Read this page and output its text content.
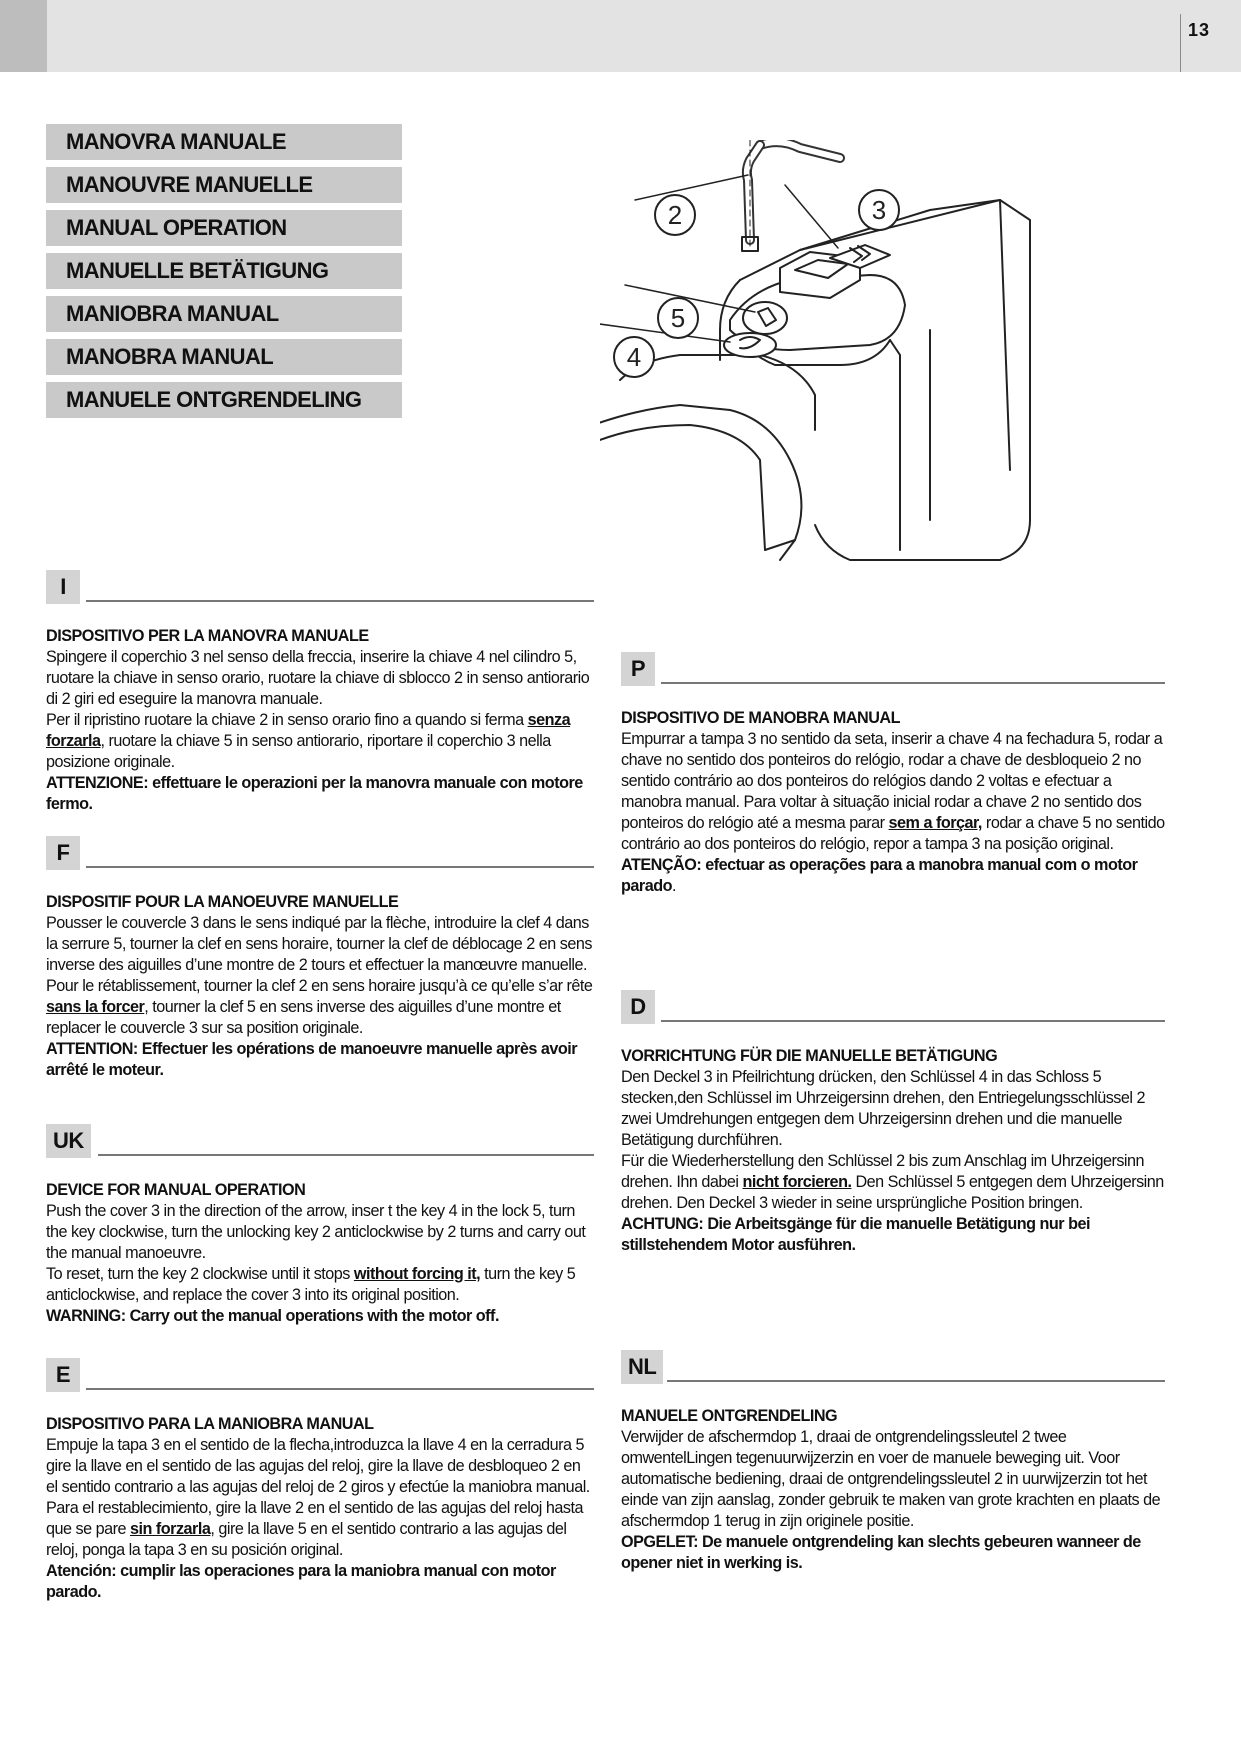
13
MANOVRA MANUALE
MANOUVRE MANUELLE
MANUAL OPERATION
MANUELLE BETÄTIGUNG
MANIOBRA MANUAL
MANOBRA MANUAL
MANUELE ONTGRENDELING
2	3
5
4
I

DISPOSITIVO PER LA MANOVRA MANUALE

Spingere il coperchio 3 nel senso della freccia, inserire la chiave 4 nel cilindro 5, ruotare la chiave in senso orario, ruotare la chiave di sblocco 2 in senso antiorario di 2 giri ed eseguire la manovra manuale.

Per il ripristino ruotare la chiave 2 in senso orario fino a quando si ferma senza forzarla, ruotare la chiave 5 in senso antiorario, riportare il coperchio 3 nella posizione originale.

ATTENZIONE: effettuare le operazioni per la manovra manuale con motore fermo.

F

DISPOSITIF POUR LA MANOEUVRE MANUELLE

Pousser le couvercle 3 dans le sens indiqué par la flèche, introduire la clef 4 dans la serrure 5, tourner la clef en sens horaire, tourner la clef de déblocage 2 en sens inverse des aiguilles d’une montre de 2 tours et effectuer la manœuvre manuelle.

Pour le rétablissement, tourner la clef 2 en sens horaire jusqu’à ce qu’elle s’ar rête sans la forcer, tourner la clef 5 en sens inverse des aiguilles d’une montre et replacer le couvercle 3 sur sa position originale.

ATTENTION: Effectuer les opérations de manoeuvre manuelle après avoir arrêté le moteur.

UK

DEVICE FOR MANUAL OPERATION

Push the cover 3 in the direction of the arrow, inser t the key 4 in the lock 5, turn the key clockwise, turn the unlocking key 2 anticlockwise by 2 turns and carry out the manual manoeuvre.

To reset, turn the key 2 clockwise until it stops without forcing it, turn the key 5 anticlockwise, and replace the cover 3 into its original position.

WARNING: Carry out the manual operations with the motor off.

E

DISPOSITIVO PARA LA MANIOBRA MANUAL

Empuje la tapa 3 en el sentido de la flecha,introduzca la llave 4 en la cerradura 5 gire la llave en el sentido de las agujas del reloj, gire la llave de desbloqueo 2 en el sentido contrario a las agujas del reloj de 2 giros y efectúe la maniobra manual.

Para el restablecimiento, gire la llave 2 en el sentido de las agujas del reloj hasta que se pare sin forzarla, gire la llave 5 en el sentido contrario a las agujas del reloj, ponga la tapa 3 en su posición original.

Atención: cumplir las operaciones para la maniobra manual con motor parado.

P

DISPOSITIVO DE MANOBRA MANUAL

Empurrar a tampa 3 no sentido da seta, inserir a chave 4 na fechadura 5, rodar a chave no sentido dos ponteiros do relógio, rodar a chave de desbloqueio 2 no sentido contrário ao dos ponteiros do relógios dando 2 voltas e efectuar a manobra manual. Para voltar à situação inicial rodar a chave 2 no sentido dos ponteiros do relógio até a mesma parar sem a forçar, rodar a chave 5 no sentido contrário ao dos ponteiros do relógio, repor a tampa 3 na posição original.

ATENÇÃO: efectuar as operações para a manobra manual com o motor parado.

D

VORRICHTUNG FÜR DIE MANUELLE BETÄTIGUNG

Den Deckel 3 in Pfeilrichtung drücken, den Schlüssel 4 in das Schloss 5 stecken,den Schlüssel im Uhrzeigersinn drehen, den Entriegelungsschlüssel 2 zwei Umdrehungen entgegen dem Uhrzeigersinn drehen und die manuelle Betätigung durchführen.

Für die Wiederherstellung den Schlüssel 2 bis zum Anschlag im Uhrzeigersinn drehen. Ihn dabei nicht forcieren. Den Schlüssel 5 entgegen dem Uhrzeigersinn drehen. Den Deckel 3 wieder in seine ursprüngliche Position bringen.

ACHTUNG: Die Arbeitsgänge für die manuelle Betätigung nur bei stillstehendem Motor ausführen.

NL

MANUELE ONTGRENDELING

Verwijder de afschermdop 1, draai de ontgrendelingssleutel 2 twee omwentelLingen tegenuurwijzerzin en voer de manuele beweging uit. Voor automatische bediening, draai de ontgrendelingssleutel 2 in uurwijzerzin tot het einde van zijn aanslag, zonder gebruik te maken van grote krachten en plaats de afschermdop 1 terug in zijn originele positie.

OPGELET: De manuele ontgrendeling kan slechts gebeuren wanneer de opener niet in werking is.
